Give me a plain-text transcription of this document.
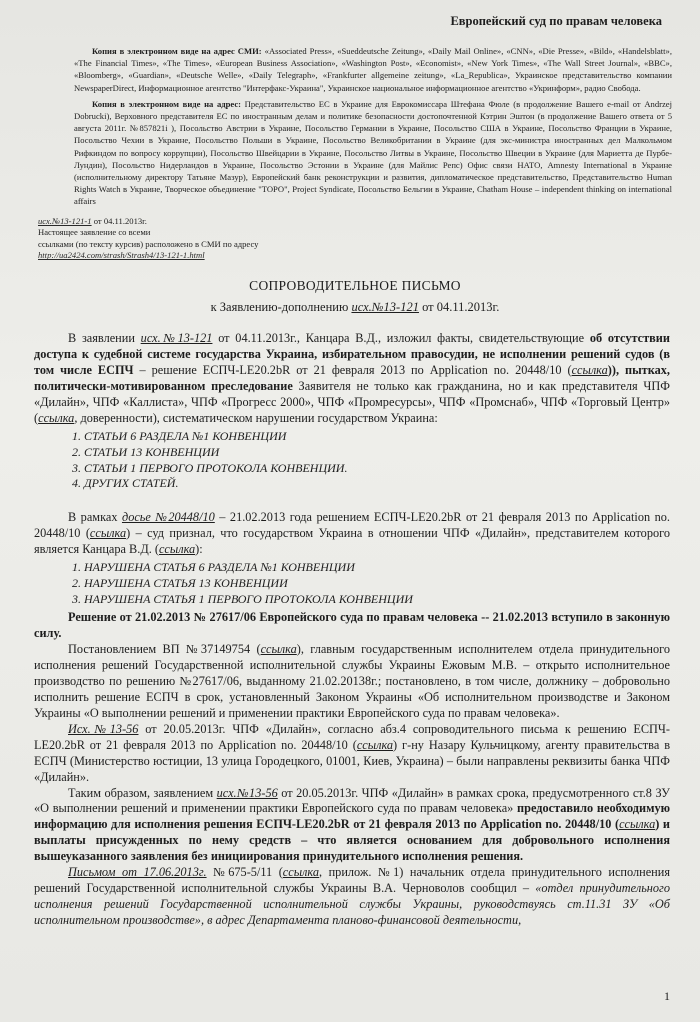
Европейский суд по правам человека
Копия в электронном виде на адрес СМИ: «Associated Press», «Sueddeutsche Zeitung», «Daily Mail Online», «CNN», «Die Presse», «Bild», «Handelsblatt», «The Financial Times», «The Times», «European Business Association», «Washington Post», «Economist», «New York Times», «The Wall Street Journal», «BBC», «Bloomberg», «Guardian», «Deutsche Welle», «Daily Telegraph», «Frankfurter allgemeine zeitung», «La_Republica», Украинское представительство компании NewspaperDirect, Информационное агентство "Интерфакс-Украина", Украинское национальное информационное агентство «Укринформ», радио Свобода.
Копия в электронном виде на адрес: Представительство ЕС в Украине для Еврокомиссара Штефана Фюле (в продолжение Вашего e-mail от Andrzej Dobrucki), Верховного представителя ЕС по иностранным делам и политике безопасности достопочтенной Кэтрин Эштон (в продолжение Вашего ответа от 5 августа 2011г. №857821i ), Посольство Австрии в Украине, Посольство Германии в Украине, Посольство США в Украине, Посольство Франции в Украине, Посольство Чехии в Украине, Посольство Польши в Украине, Посольство Великобритании в Украине (для экс-министра иностранных дел Малкольмом Рифкиндом по вопросу коррупции), Посольство Швейцарии в Украине, Посольство Литвы в Украине, Посольство Швеции в Украине (для Мариетта де Пурбе-Лундин), Посольство Нидерландов в Украине, Посольство Эстонии в Украине (для Майлис Репс) Офис связи НАТО, Amnesty International в Украине (исполнительному директору Татьяне Мазур), Европейский банк реконструкции и развития, дипломатическое представительство, Представительство Human Rights Watch в Украине, Творческое объединение "ТОРО", Project Syndicate, Посольство Бельгии в Украине, Chatham House – independent thinking on international affairs
исх.№13-121-1 от 04.11.2013г.
Настоящее заявление со всеми
ссылками (по тексту курсив) расположено в СМИ по адресу
http://ua2424.com/strash/Strash4/13-121-1.html
СОПРОВОДИТЕЛЬНОЕ ПИСЬМО
к Заявлению-дополнению исх.№13-121 от 04.11.2013г.

В заявлении исх.№13-121 от 04.11.2013г., Канцара В.Д., изложил факты, свидетельствующие об отсутствии доступа к судебной системе государства Украина, избирательном правосудии, не исполнении решений судов (в том числе ЕСПЧ – решение ЕСПЧ-LE20.2bR от 21 февраля 2013 по Application no. 20448/10 (ссылка)), пытках, политически-мотивированном преследование Заявителя не только как гражданина, но и как представителя ЧПФ «Дилайн», ЧПФ «Каллиста», ЧПФ «Прогресс 2000», ЧПФ «Промресурсы», ЧПФ «Промснаб», ЧПФ «Торговый Центр» (ссылка, доверенности), систематическом нарушении государством Украина:

1. СТАТЬИ 6 РАЗДЕЛА №1 КОНВЕНЦИИ
2. СТАТЬИ 13 КОНВЕНЦИИ
3. СТАТЬИ 1 ПЕРВОГО ПРОТОКОЛА КОНВЕНЦИИ.
4. ДРУГИХ СТАТЕЙ.

В рамках досье №20448/10 – 21.02.2013 года решением ЕСПЧ-LE20.2bR от 21 февраля 2013 по Application no. 20448/10 (ссылка) – суд признал, что государством Украина в отношении ЧПФ «Дилайн», представителем которого является Канцара В.Д. (ссылка):

1. НАРУШЕНА СТАТЬЯ 6 РАЗДЕЛА №1 КОНВЕНЦИИ
2. НАРУШЕНА СТАТЬЯ 13 КОНВЕНЦИИ
3. НАРУШЕНА СТАТЬЯ 1 ПЕРВОГО ПРОТОКОЛА КОНВЕНЦИИ

Решение от 21.02.2013 № 27617/06 Европейского суда по правам человека -- 21.02.2013 вступило в законную силу.

Постановлением ВП №37149754 (ссылка), главным государственным исполнителем отдела принудительного исполнения решений Государственной исполнительной службы Украины Ежовым М.В. – открыто исполнительное производство по решению №27617/06, выданному 21.02.20138г.; постановлено, в том числе, должнику – добровольно исполнить решение ЕСПЧ в срок, установленный Законом Украины «Об исполнительном производстве и Законом Украины «О выполнении решений и применении практики Европейского суда по правам человека».

Исх.№13-56 от 20.05.2013г. ЧПФ «Дилайн», согласно абз.4 сопроводительного письма к решению ЕСПЧ-LE20.2bR от 21 февраля 2013 по Application no. 20448/10 (ссылка) г-ну Назару Кульчицкому, агенту правительства в ЕСПЧ (Министерство юстиции, 13 улица Городецкого, 01001, Киев, Украина) – были направлены реквизиты банка ЧПФ «Дилайн».

Таким образом, заявлением исх.№13-56 от 20.05.2013г. ЧПФ «Дилайн» в рамках срока, предусмотренного ст.8 ЗУ «О выполнении решений и применении практики Европейского суда по правам человека» предоставило необходимую информацию для исполнения решения ЕСПЧ-LE20.2bR от 21 февраля 2013 по Application no. 20448/10 (ссылка) и выплаты присужденных по нему средств – что является основанием для добровольного исполнения вышеуказанного заявления без инициирования принудительного исполнения решения.

Письмом от 17.06.2013г. №675-5/11 (ссылка, прилож. №1) начальник отдела принудительного исполнения решений Государственной исполнительной службы Украины В.А. Черноволов сообщил – «отдел принудительного исполнения решений Государственной исполнительной службы Украины, руководствуясь ст.11.31 ЗУ «Об исполнительном производстве», в адрес Департамента планово-финансовой деятельности,

1
